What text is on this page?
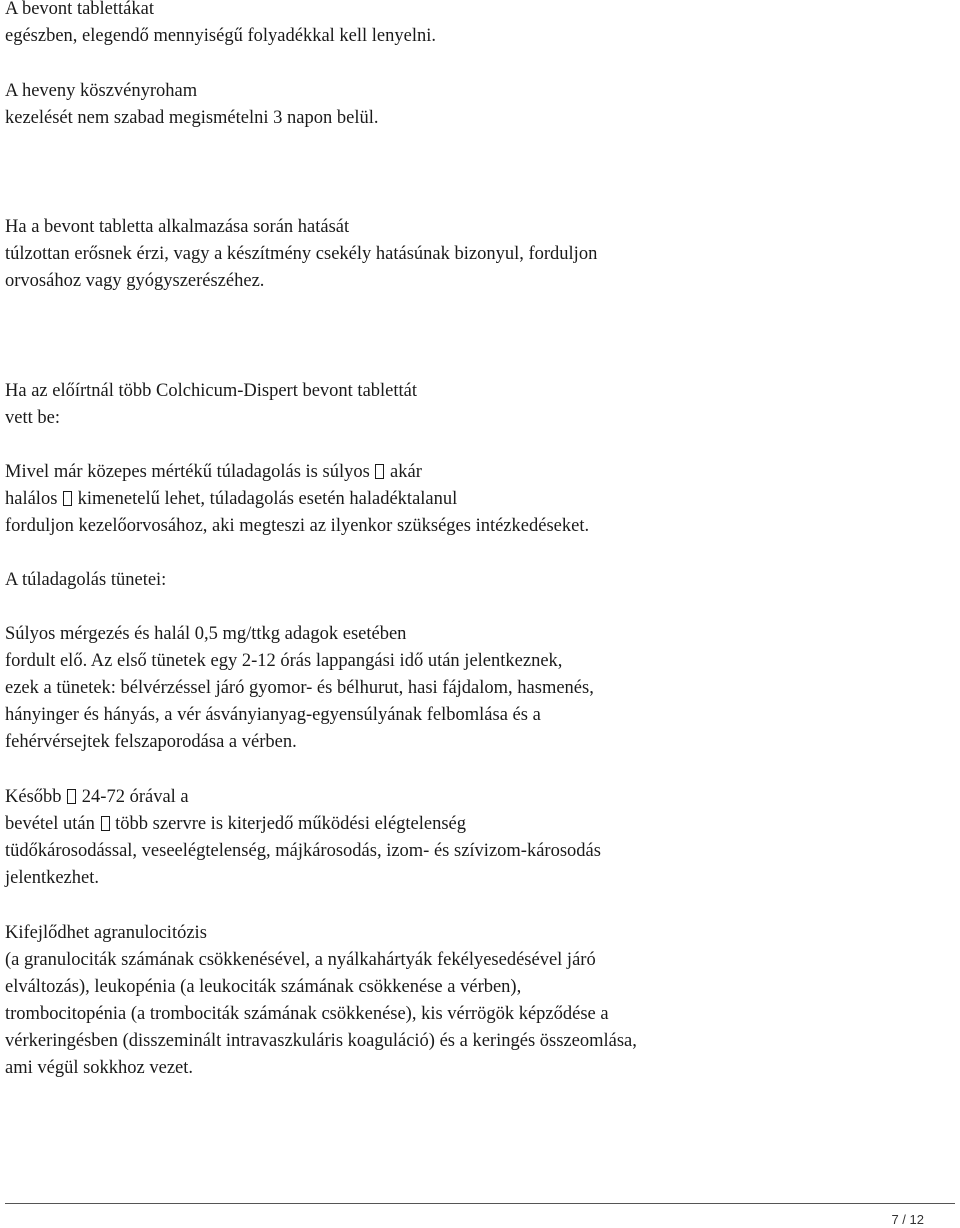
A bevont tablettákat
egészben, elegendő mennyiségű folyadékkal kell lenyelni.
A heveny köszvényroham
kezelését nem szabad megismételni 3 napon belül.
Ha a bevont tabletta alkalmazása során hatását
túlzottan erősnek érzi, vagy a készítmény csekély hatásúnak bizonyul, forduljon
orvosához vagy gyógyszerészéhez.
Ha az előírtnál több Colchicum-Dispert bevont tablettát
vett be:
Mivel már közepes mértékű túladagolás is súlyos akár
halálos kimenetelű lehet, túladagolás esetén haladéktalanul
forduljon kezelőorvosához, aki megteszi az ilyenkor szükséges intézkedéseket.
A túladagolás tünetei:
Súlyos mérgezés és halál 0,5 mg/ttkg adagok esetében
fordult elő. Az első tünetek egy 2-12 órás lappangási idő után jelentkeznek,
ezek a tünetek: bélvérzéssel járó gyomor- és bélhurut, hasi fájdalom, hasmenés,
hányinger és hányás, a vér ásványianyag-egyensúlyának felbomlása és a
fehérvérsejtek felszaporodása a vérben.
Később 24-72 órával a
bevétel után több szervre is kiterjedő működési elégtelenség
tüdőkárosodással, veseelégtelenség, májkárosodás, izom- és szívizom-károsodás
jelentkezhet.
Kifejlődhet agranulocitózis
(a granulociták számának csökkenésével, a nyálkahártyák fekélyesedésével járó
elváltozás), leukopénia (a leukociták számának csökkenése a vérben),
trombocitopénia (a trombociták számának csökkenése), kis vérrögök képződése a
vérkeringésben (disszeminált intravaszkuláris koaguláció) és a keringés összeomlása,
ami végül sokkhoz vezet.
7 / 12
